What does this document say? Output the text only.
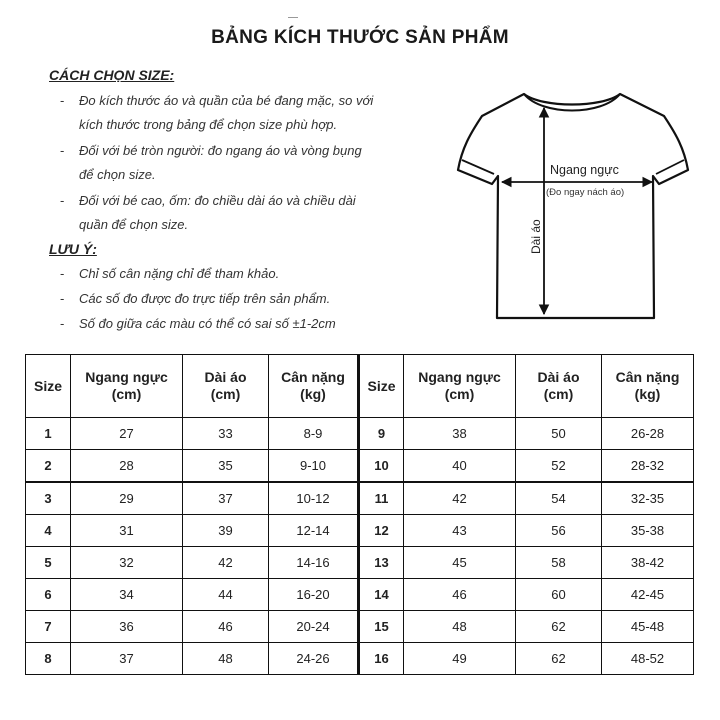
BẢNG KÍCH THƯỚC SẢN PHẨM
CÁCH CHỌN SIZE:
- Đo kích thước áo và quần của bé đang mặc, so với
kích thước trong bảng để chọn size phù hợp.
- Đối với bé tròn người: đo ngang áo và vòng bụng
để chọn size.
- Đối với bé cao, ốm: đo chiều dài áo và chiều dài
quần để chọn size.
LƯU Ý:
- Chỉ số cân nặng chỉ để tham khảo.
- Các số đo được đo trực tiếp trên sản phẩm.
- Số đo giữa các màu có thể có sai số ±1-2cm
Ngang ngực
(Đo ngay nách áo)
Dài áo
Size	Ngang ngực
(cm)	Dài áo
(cm)	Cân nặng
(kg)	Size	Ngang ngực
(cm)	Dài áo
(cm)	Cân nặng
(kg)
1	27	33	8-9	9	38	50	26-28
2	28	35	9-10	10	40	52	28-32
3	29	37	10-12	11	42	54	32-35
4	31	39	12-14	12	43	56	35-38
5	32	42	14-16	13	45	58	38-42
6	34	44	16-20	14	46	60	42-45
7	36	46	20-24	15	48	62	45-48
8	37	48	24-26	16	49	62	48-52
